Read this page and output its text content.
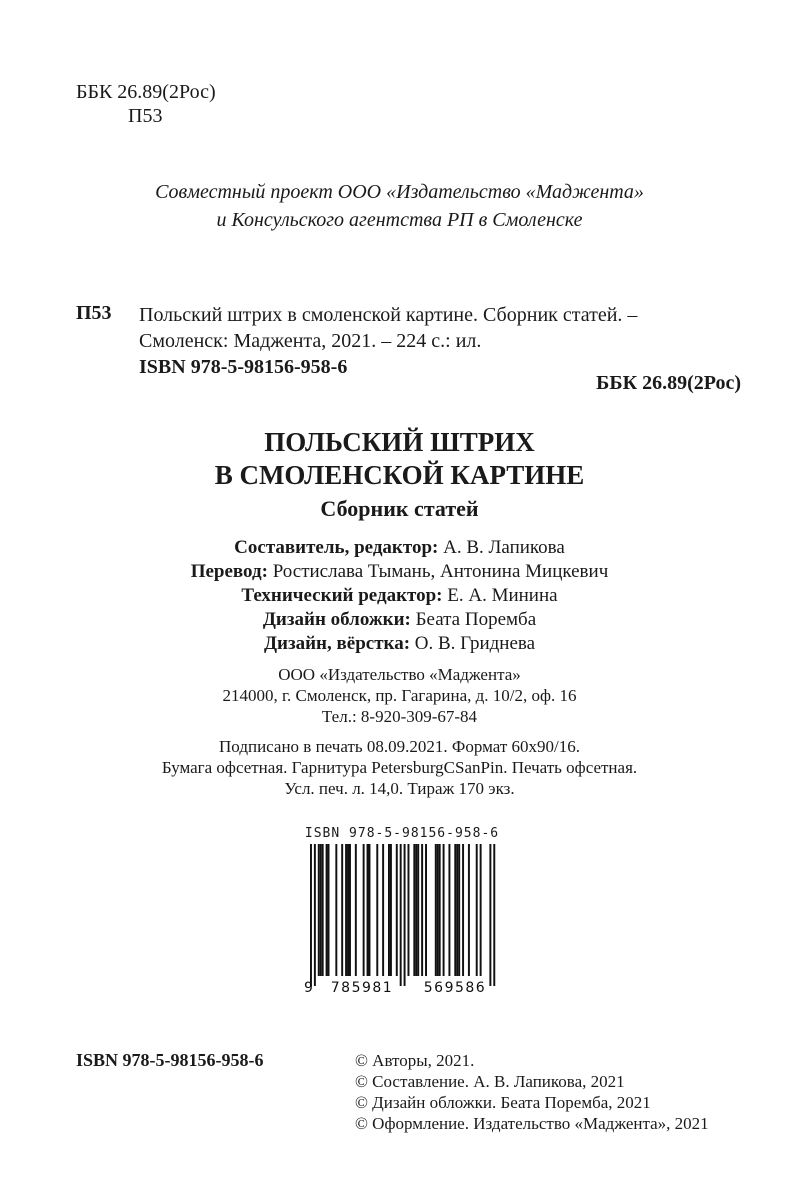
ББК 26.89(2Рос)
П53
Совместный проект ООО «Издательство «Маджента»
и Консульского агентства РП в Смоленске
П53 Польский штрих в смоленской картине. Сборник статей. –
Смоленск: Маджента, 2021. – 224 с.: ил.
ISBN 978-5-98156-958-6
ББК 26.89(2Рос)
ПОЛЬСКИЙ ШТРИХ
В СМОЛЕНСКОЙ КАРТИНЕ
Сборник статей
Составитель, редактор: А. В. Лапикова
Перевод: Ростислава Тымань, Антонина Мицкевич
Технический редактор: Е. А. Минина
Дизайн обложки: Беата Поремба
Дизайн, вёрстка: О. В. Гриднева
ООО «Издательство «Маджента»
214000, г. Смоленск, пр. Гагарина, д. 10/2, оф. 16
Тел.: 8-920-309-67-84
Подписано в печать 08.09.2021. Формат 60x90/16.
Бумага офсетная. Гарнитура PetersburgCSanPin. Печать офсетная.
Усл. печ. л. 14,0. Тираж 170 экз.
ISBN 978-5-98156-958-6
9 785981 569586
ISBN 978-5-98156-958-6	© Авторы, 2021.
© Составление. А. В. Лапикова, 2021
© Дизайн обложки. Беата Поремба, 2021
© Оформление. Издательство «Маджента», 2021
